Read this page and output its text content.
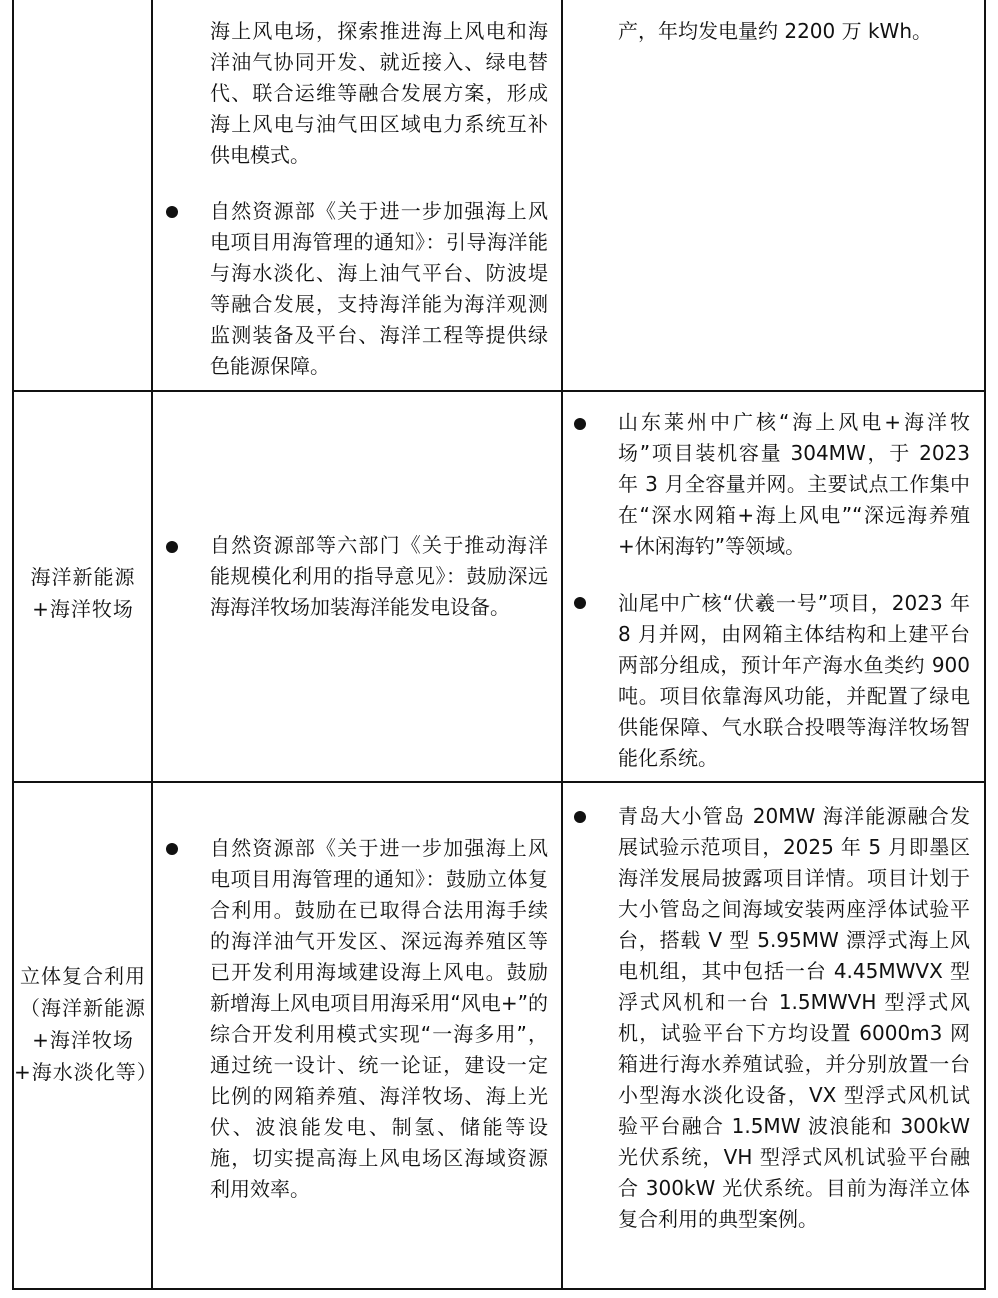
海上风电场，探索推进海上风电和海洋油气协同开发、就近接入、绿电替代、联合运维等融合发展方案，形成海上风电与油气田区域电力系统互补供电模式。
自然资源部《关于进一步加强海上风电项目用海管理的通知》：引导海洋能与海水淡化、海上油气平台、防波堤等融合发展，支持海洋能为海洋观测监测装备及平台、海洋工程等提供绿色能源保障。
产，年均发电量约 2200 万 kWh。
海洋新能源+海洋牧场
自然资源部等六部门《关于推动海洋能规模化利用的指导意见》：鼓励深远海海洋牧场加装海洋能发电设备。
山东莱州中广核“海上风电+海洋牧场”项目装机容量 304MW，于 2023 年 3 月全容量并网。主要试点工作集中在“深水网箱+海上风电”“深远海养殖+休闲海钓”等领域。
汕尾中广核“伏羲一号”项目，2023 年 8 月并网，由网箱主体结构和上建平台两部分组成，预计年产海水鱼类约 900 吨。项目依靠海风功能，并配置了绿电供能保障、气水联合投喂等海洋牧场智能化系统。
立体复合利用（海洋新能源+海洋牧场+海水淡化等）
自然资源部《关于进一步加强海上风电项目用海管理的通知》：鼓励立体复合利用。鼓励在已取得合法用海手续的海洋油气开发区、深远海养殖区等已开发利用海域建设海上风电。鼓励新增海上风电项目用海采用“风电+”的综合开发利用模式实现“一海多用”，通过统一设计、统一论证，建设一定比例的网箱养殖、海洋牧场、海上光伏、波浪能发电、制氢、储能等设施，切实提高海上风电场区海域资源利用效率。
青岛大小管岛 20MW 海洋能源融合发展试验示范项目，2025 年 5 月即墨区海洋发展局披露项目详情。项目计划于大小管岛之间海域安装两座浮体试验平台，搭载 V 型 5.95MW 漂浮式海上风电机组，其中包括一台 4.45MWVX 型浮式风机和一台 1.5MWVH 型浮式风机，试验平台下方均设置 6000m3 网箱进行海水养殖试验，并分别放置一台小型海水淡化设备，VX 型浮式风机试验平台融合 1.5MW 波浪能和 300kW 光伏系统，VH 型浮式风机试验平台融合 300kW 光伏系统。目前为海洋立体复合利用的典型案例。
